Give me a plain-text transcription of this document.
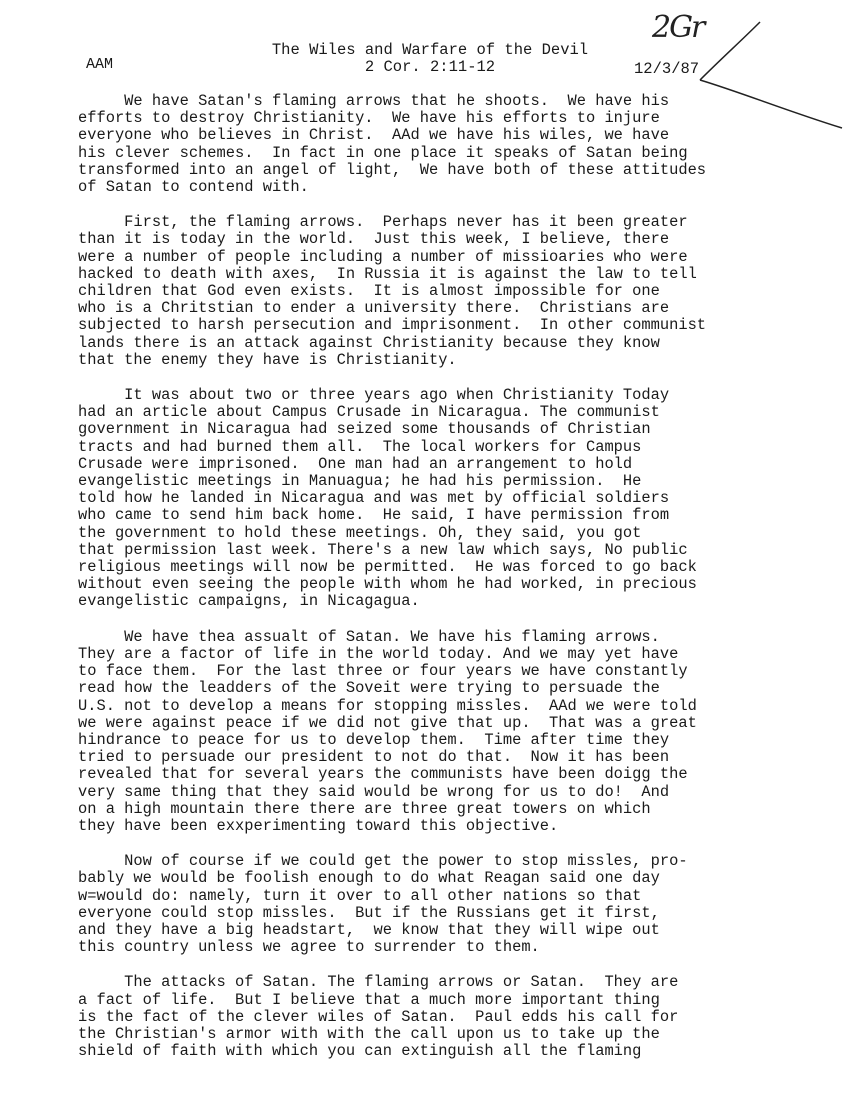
2Gr
AAM
The Wiles and Warfare of the Devil
2 Cor. 2:11-12	12/3/87
We have Satan's flaming arrows that he shoots.  We have his
efforts to destroy Christianity.  We have his efforts to injure
everyone who believes in Christ.  AAd we have his wiles, we have
his clever schemes.  In fact in one place it speaks of Satan being
transformed into an angel of light,  We have both of these attitudes
of Satan to contend with.
First, the flaming arrows.  Perhaps never has it been greater
than it is today in the world.  Just this week, I believe, there
were a number of people including a number of missioaries who were
hacked to death with axes,  In Russia it is against the law to tell
children that God even exists.  It is almost impossible for one
who is a Chritstian to ender a university there.  Christians are
subjected to harsh persecution and imprisonment.  In other communist
lands there is an attack against Christianity because they know
that the enemy they have is Christianity.
It was about two or three years ago when Christianity Today
had an article about Campus Crusade in Nicaragua. The communist
government in Nicaragua had seized some thousands of Christian
tracts and had burned them all.  The local workers for Campus
Crusade were imprisoned.  One man had an arrangement to hold
evangelistic meetings in Manuagua; he had his permission.  He
told how he landed in Nicaragua and was met by official soldiers
who came to send him back home.  He said, I have permission from
the government to hold these meetings. Oh, they said, you got
that permission last week. There's a new law which says, No public
religious meetings will now be permitted.  He was forced to go back
without even seeing the people with whom he had worked, in precious
evangelistic campaigns, in Nicagagua.
We have thea assualt of Satan. We have his flaming arrows.
They are a factor of life in the world today. And we may yet have
to face them.  For the last three or four years we have constantly
read how the leadders of the Soveit were trying to persuade the
U.S. not to develop a means for stopping missles.  AAd we were told
we were against peace if we did not give that up.  That was a great
hindrance to peace for us to develop them.  Time after time they
tried to persuade our president to not do that.  Now it has been
revealed that for several years the communists have been doigg the
very same thing that they said would be wrong for us to do!  And
on a high mountain there there are three great towers on which
they have been exxperimenting toward this objective.
Now of course if we could get the power to stop missles, pro-
bably we would be foolish enough to do what Reagan said one day
w=would do: namely, turn it over to all other nations so that
everyone could stop missles.  But if the Russians get it first,
and they have a big headstart,  we know that they will wipe out
this country unless we agree to surrender to them.
The attacks of Satan. The flaming arrows or Satan.  They are
a fact of life.  But I believe that a much more important thing
is the fact of the clever wiles of Satan.  Paul edds his call for
the Christian's armor with with the call upon us to take up the
shield of faith with which you can extinguish all the flaming
